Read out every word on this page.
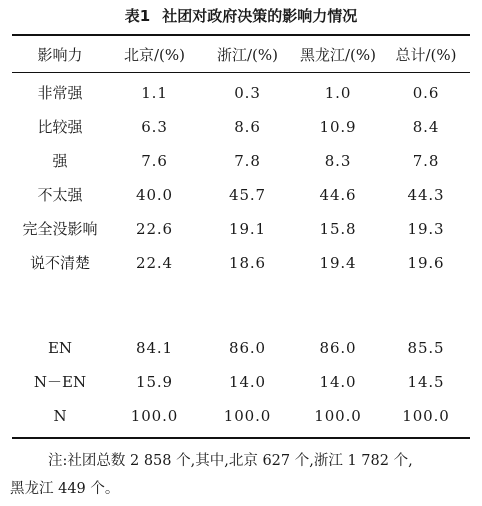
表1 社团对政府决策的影响力情况
影响力	北京/(%)	浙江/(%)	黑龙江/(%)	总计/(%)
非常强	1.1	0.3	1.0	0.6
比较强	6.3	8.6	10.9	8.4
强	7.6	7.8	8.3	7.8
不太强	40.0	45.7	44.6	44.3
完全没影响	22.6	19.1	15.8	19.3
说不清楚	22.4	18.6	19.4	19.6
EN	84.1	86.0	86.0	85.5
N－EN	15.9	14.0	14.0	14.5
N	100.0	100.0	100.0	100.0
注:社团总数 2 858 个,其中,北京 627 个,浙江 1 782 个,
黑龙江 449 个。
